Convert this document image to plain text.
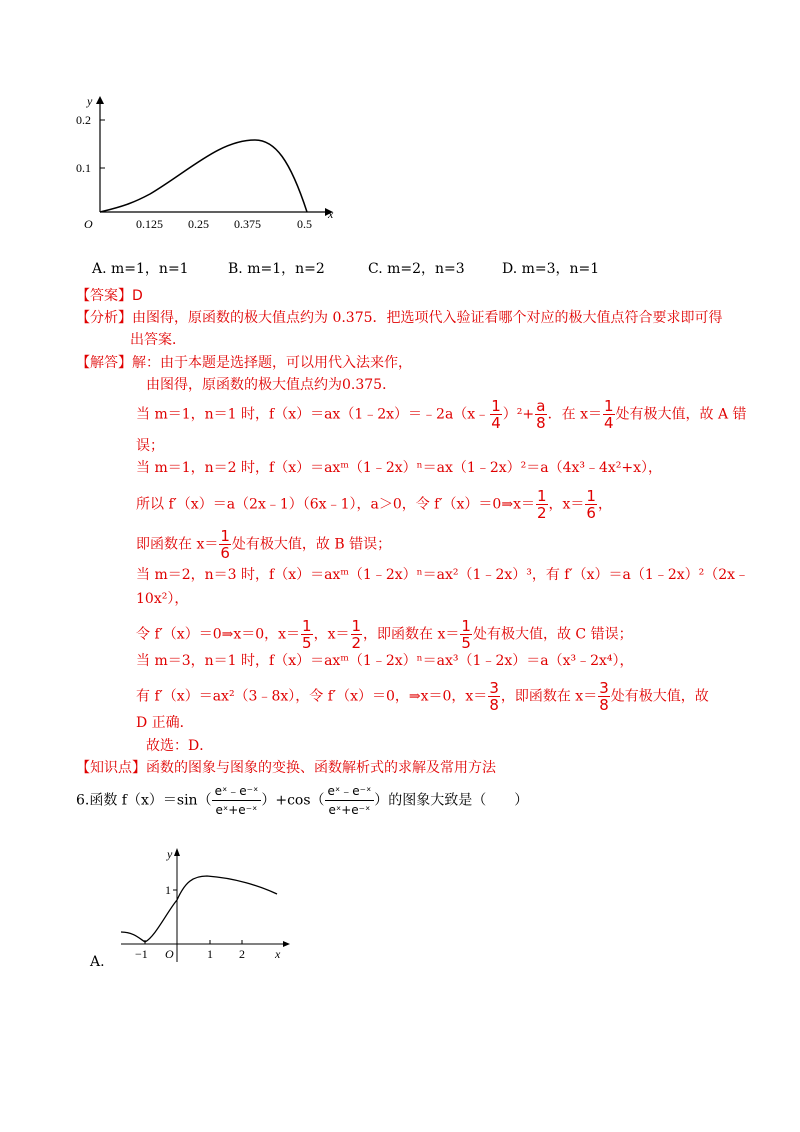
y
x
O
0.2
0.1
0.125 0.25 0.375	0.5
A. m=1，n=1	B. m=1，n=2	C. m=2，n=3	D. m=3，n=1
【答案】D
【分析】由图得，原函数的极大值点约为 0.375．把选项代入验证看哪个对应的极大值点符合要求即可得
出答案．
【解答】解：由于本题是选择题，可以用代入法来作，
由图得，原函数的极大值点约为0.375．
当 m＝1，n＝1 时，f（x）＝ax（1﹣2x）＝﹣2a（x﹣ $\frac{1}{4} )^2+ \frac{a}{8}$ ．在 $x= \frac{1}{4}$ 处有极大值，故 A 错
误；
当 m＝1，n＝2 时，f（x）＝axᵐ（1﹣2x）ⁿ＝ax（1﹣2x）²＝a（4x³﹣4x²+x），
所以 f′（x）＝a（2x﹣1）（6x﹣1），a＞0，令 f′（x）＝0⇒x＝ $\frac{1}{2}$ ，$x= \frac{1}{6}$ ，
即函数在 $x= \frac{1}{6}$ 处有极大值，故 B 错误；
当 m＝2，n＝3 时，f（x）＝axᵐ（1﹣2x）ⁿ＝ax²（1﹣2x）³，有 f′（x）＝a（1﹣2x）²（2x﹣
10x²），
令 f′（x）＝0⇒x＝0，$x= \frac{1}{5}$ ，$x= \frac{1}{2}$ ，即函数在 $x= \frac{1}{5}$ 处有极大值，故 C 错误；
当 m＝3，n＝1 时，f（x）＝axᵐ（1﹣2x）ⁿ＝ax³（1﹣2x）＝a（x³﹣2x⁴），
有 f′（x）＝ax²（3﹣8x），令 f′（x）＝0，⇒x＝0，$x= \frac{3}{8}$ ，即函数在 $x= \frac{3}{8}$ 处有极大值，故
D 正确．
故选：D．
【知识点】函数的图象与图象的变换、函数解析式的求解及常用方法
6.函数 $f(x)=\sin( \frac{\text{eˣ﹣e⁻ˣ}}{\text{eˣ+e⁻ˣ}} )+\cos( \frac{\text{eˣ﹣e⁻ˣ}}{\text{eˣ+e⁻ˣ}}$ ）的图象大致是（　　）
A.
y
x
O
1
−1	1 2
